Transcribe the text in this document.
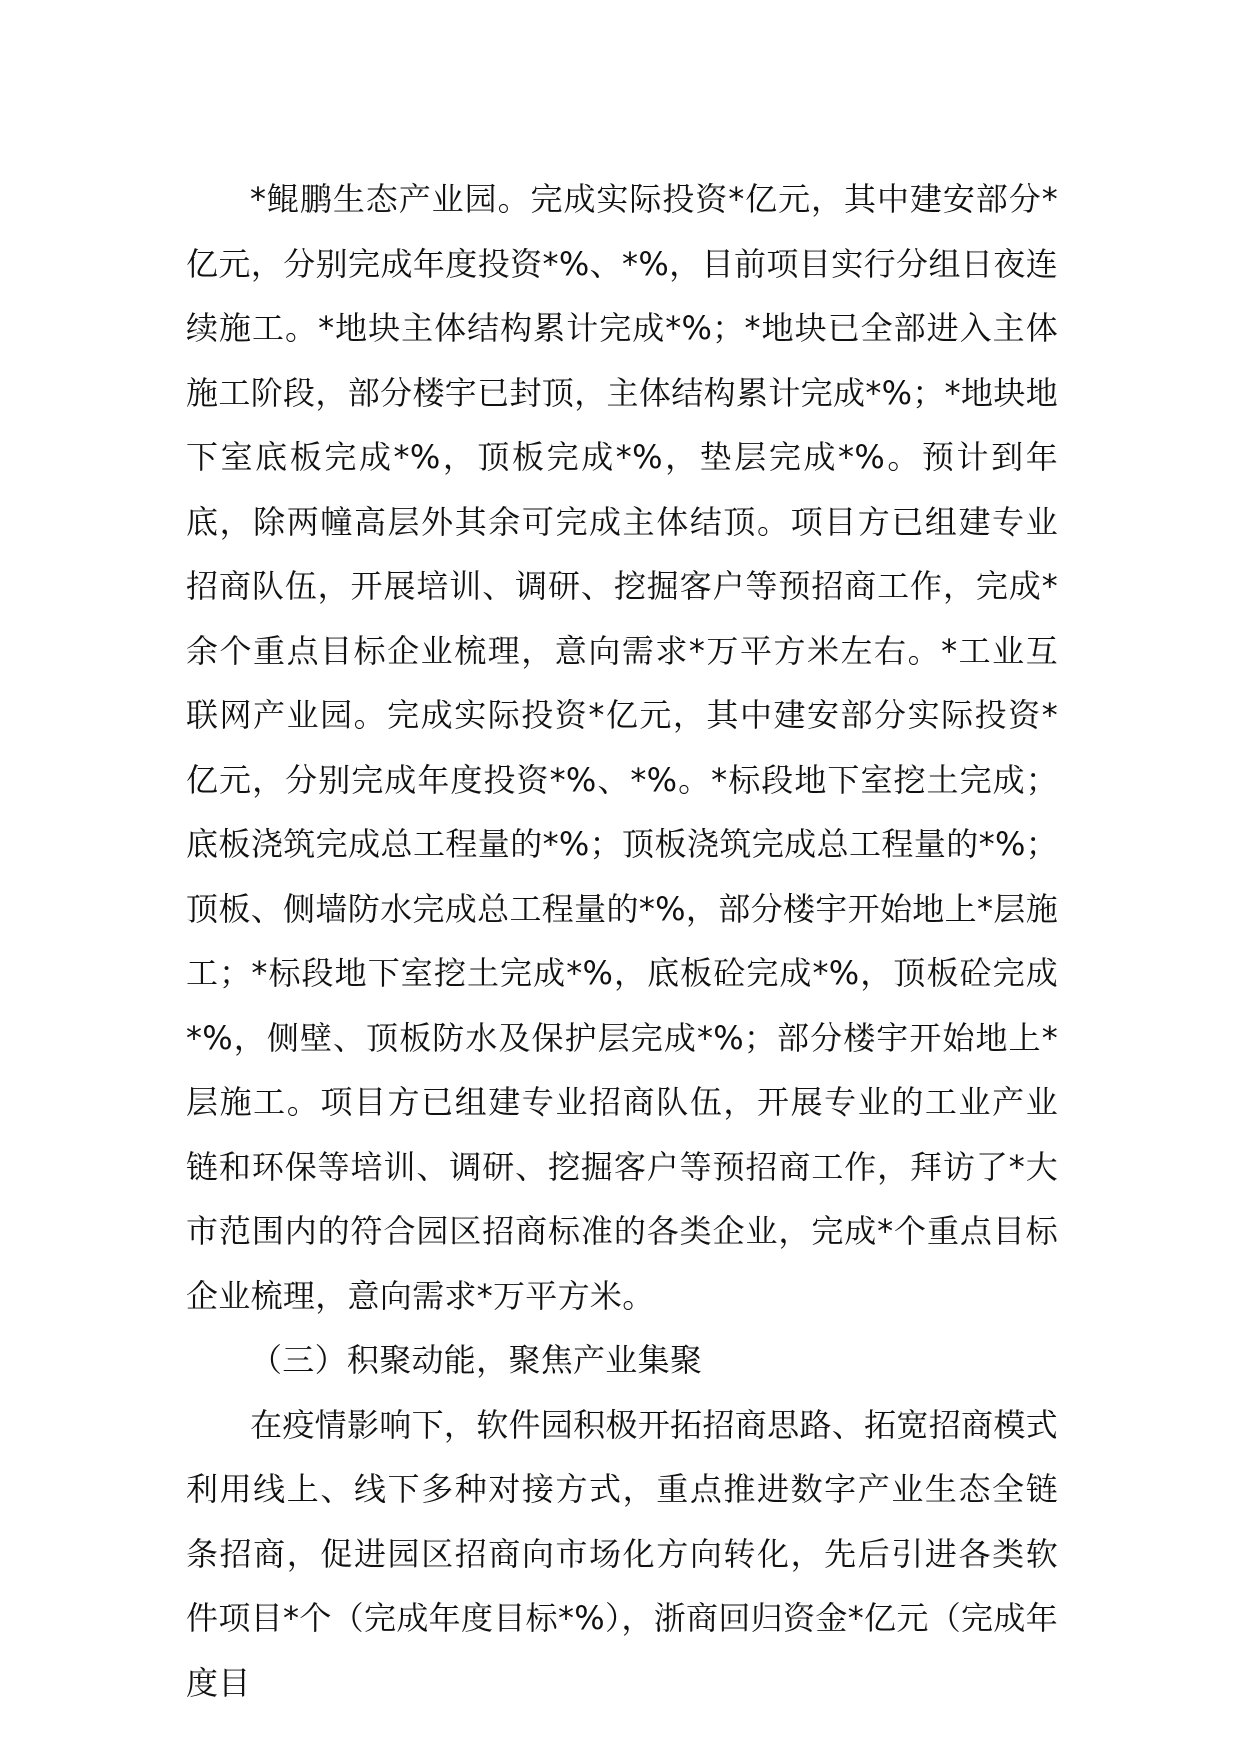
*鲲鹏生态产业园。完成实际投资*亿元，其中建安部分*亿元，分别完成年度投资*%、*%，目前项目实行分组日夜连续施工。*地块主体结构累计完成*%；*地块已全部进入主体施工阶段，部分楼宇已封顶，主体结构累计完成*%；*地块地下室底板完成*%，顶板完成*%，垫层完成*%。预计到年底，除两幢高层外其余可完成主体结顶。项目方已组建专业招商队伍，开展培训、调研、挖掘客户等预招商工作，完成*余个重点目标企业梳理，意向需求*万平方米左右。*工业互联网产业园。完成实际投资*亿元，其中建安部分实际投资*亿元，分别完成年度投资*%、*%。*标段地下室挖土完成；底板浇筑完成总工程量的*%；顶板浇筑完成总工程量的*%；顶板、侧墙防水完成总工程量的*%，部分楼宇开始地上*层施工；*标段地下室挖土完成*%，底板砼完成*%，顶板砼完成*%，侧壁、顶板防水及保护层完成*%；部分楼宇开始地上*层施工。项目方已组建专业招商队伍，开展专业的工业产业链和环保等培训、调研、挖掘客户等预招商工作，拜访了*大市范围内的符合园区招商标准的各类企业，完成*个重点目标企业梳理，意向需求*万平方米。

（三）积聚动能，聚焦产业集聚

在疫情影响下，软件园积极开拓招商思路、拓宽招商模式利用线上、线下多种对接方式，重点推进数字产业生态全链条招商，促进园区招商向市场化方向转化，先后引进各类软件项目*个（完成年度目标*%），浙商回归资金*亿元（完成年度目
